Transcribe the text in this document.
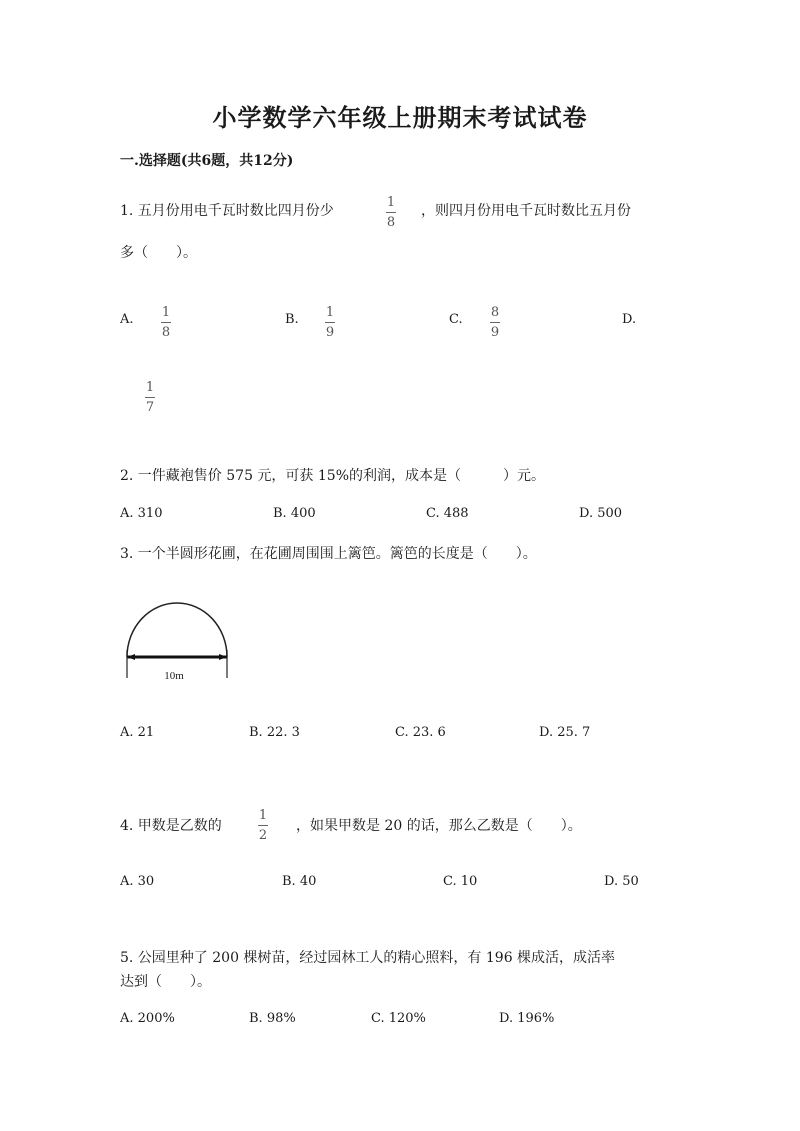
小学数学六年级上册期末考试试卷
一.选择题(共6题，共12分)
1. 五月份用电千瓦时数比四月份少
1
8
，则四月份用电千瓦时数比五月份
多（　　）。
A. 1
8
B. 1
9
C. 8
9
D.
1
7
2. 一件藏袍售价 575 元，可获 15%的利润，成本是（　　　）元。
A. 310	B. 400	C. 488	D. 500
3. 一个半圆形花圃，在花圃周围围上篱笆。篱笆的长度是（　　）。
10m
A. 21	B. 22. 3	C. 23. 6	D. 25. 7
4. 甲数是乙数的
1
2
，如果甲数是 20 的话，那么乙数是（　　）。
A. 30	B. 40	C. 10	D. 50
5. 公园里种了 200 棵树苗，经过园林工人的精心照料，有 196 棵成活，成活率
达到（　　）。
A. 200%	B. 98%	C. 120%	D. 196%
